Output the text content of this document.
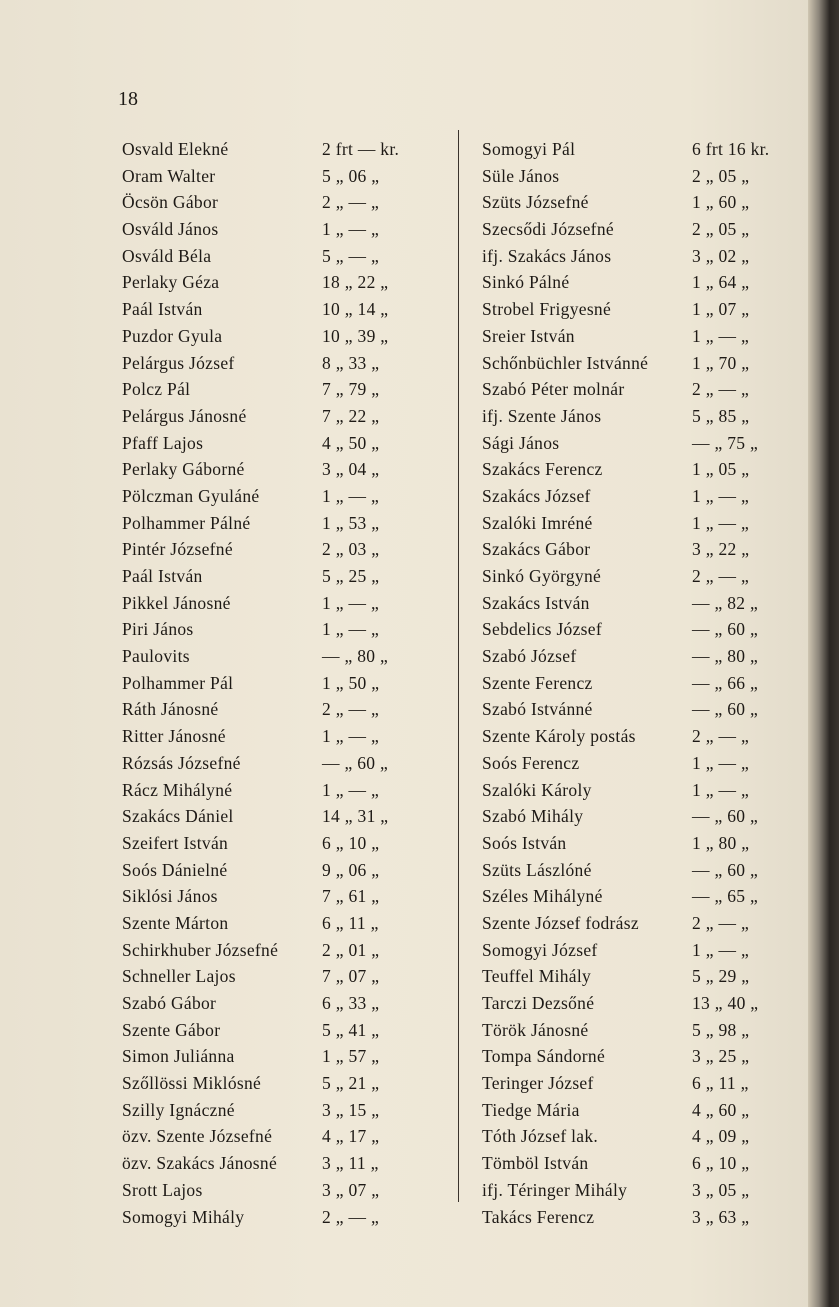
18
Osvald Elekné	2 frt — kr.
Oram Walter	5 „ 06 „
Öcsön Gábor	2 „ — „
Osváld János	1 „ — „
Osváld Béla	5 „ — „
Perlaky Géza	18 „ 22 „
Paál István	10 „ 14 „
Puzdor Gyula	10 „ 39 „
Pelárgus József	8 „ 33 „
Polcz Pál	7 „ 79 „
Pelárgus Jánosné	7 „ 22 „
Pfaff Lajos	4 „ 50 „
Perlaky Gáborné	3 „ 04 „
Pölczman Gyuláné	1 „ — „
Polhammer Pálné	1 „ 53 „
Pintér Józsefné	2 „ 03 „
Paál István	5 „ 25 „
Pikkel Jánosné	1 „ — „
Piri János	1 „ — „
Paulovits	— „ 80 „
Polhammer Pál	1 „ 50 „
Ráth Jánosné	2 „ — „
Ritter Jánosné	1 „ — „
Rózsás Józsefné	— „ 60 „
Rácz Mihályné	1 „ — „
Szakács Dániel	14 „ 31 „
Szeifert István	6 „ 10 „
Soós Dánielné	9 „ 06 „
Siklósi János	7 „ 61 „
Szente Márton	6 „ 11 „
Schirkhuber Józsefné	2 „ 01 „
Schneller Lajos	7 „ 07 „
Szabó Gábor	6 „ 33 „
Szente Gábor	5 „ 41 „
Simon Juliánna	1 „ 57 „
Szőllössi Miklósné	5 „ 21 „
Szilly Ignáczné	3 „ 15 „
özv. Szente Józsefné	4 „ 17 „
özv. Szakács Jánosné	3 „ 11 „
Srott Lajos	3 „ 07 „
Somogyi Mihály	2 „ — „
Somogyi Pál	6 frt 16 kr.
Süle János	2 „ 05 „
Szüts Józsefné	1 „ 60 „
Szecsődi Józsefné	2 „ 05 „
ifj. Szakács János	3 „ 02 „
Sinkó Pálné	1 „ 64 „
Strobel Frigyesné	1 „ 07 „
Sreier István	1 „ — „
Schőnbüchler Istvánné	1 „ 70 „
Szabó Péter molnár	2 „ — „
ifj. Szente János	5 „ 85 „
Sági János	— „ 75 „
Szakács Ferencz	1 „ 05 „
Szakács József	1 „ — „
Szalóki Imréné	1 „ — „
Szakács Gábor	3 „ 22 „
Sinkó Györgyné	2 „ — „
Szakács István	— „ 82 „
Sebdelics József	— „ 60 „
Szabó József	— „ 80 „
Szente Ferencz	— „ 66 „
Szabó Istvánné	— „ 60 „
Szente Károly postás	2 „ — „
Soós Ferencz	1 „ — „
Szalóki Károly	1 „ — „
Szabó Mihály	— „ 60 „
Soós István	1 „ 80 „
Szüts Lászlóné	— „ 60 „
Széles Mihályné	— „ 65 „
Szente József fodrász	2 „ — „
Somogyi József	1 „ — „
Teuffel Mihály	5 „ 29 „
Tarczi Dezsőné	13 „ 40 „
Török Jánosné	5 „ 98 „
Tompa Sándorné	3 „ 25 „
Teringer József	6 „ 11 „
Tiedge Mária	4 „ 60 „
Tóth József lak.	4 „ 09 „
Tömböl István	6 „ 10 „
ifj. Téringer Mihály	3 „ 05 „
Takács Ferencz	3 „ 63 „
